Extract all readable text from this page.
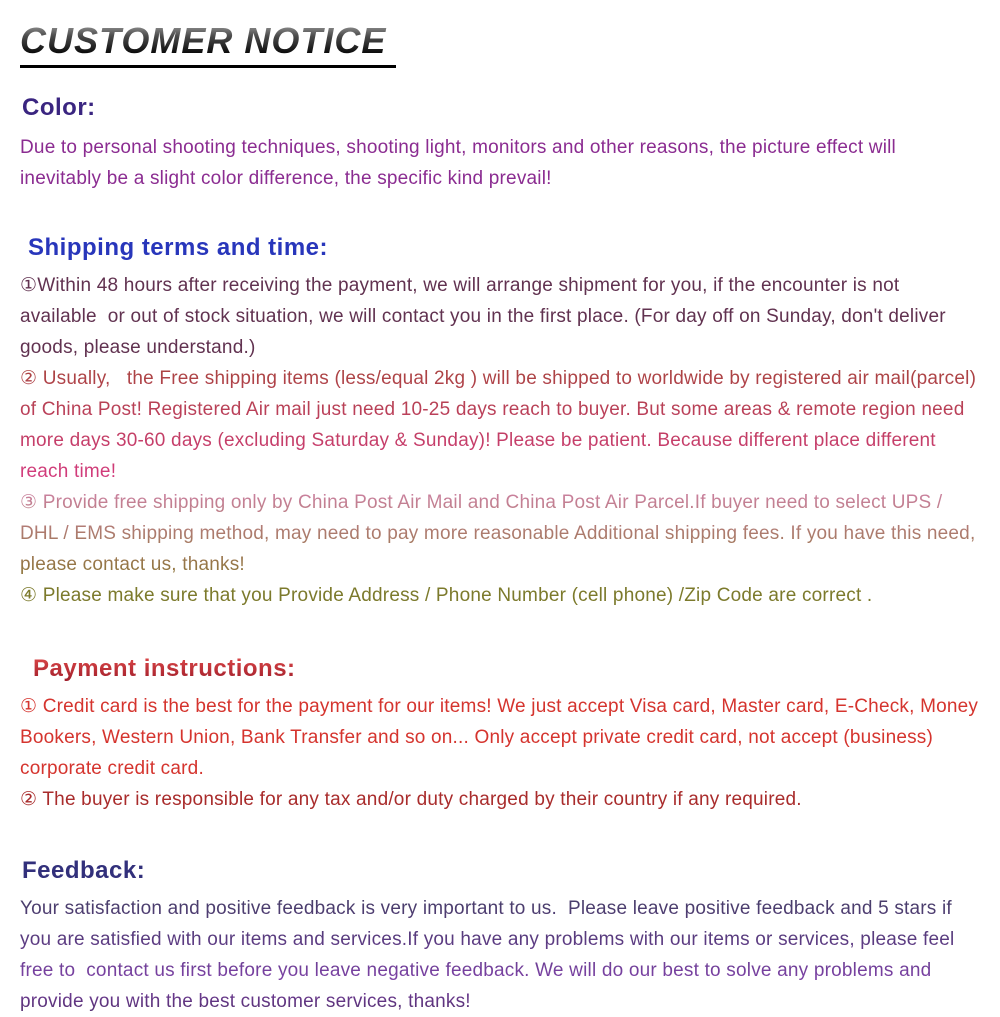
CUSTOMER NOTICE
Color:

Due to personal shooting techniques, shooting light, monitors and other reasons, the picture effect will inevitably be a slight color difference, the specific kind prevail!

Shipping terms and time:

①Within 48 hours after receiving the payment, we will arrange shipment for you, if the encounter is not available  or out of stock situation, we will contact you in the first place. (For day off on Sunday, don't deliver goods, please understand.)

② Usually,   the Free shipping items (less/equal 2kg ) will be shipped to worldwide by registered air mail(parcel) of China Post! Registered Air mail just need 10-25 days reach to buyer. But some areas & remote region need more days 30-60 days (excluding Saturday & Sunday)! Please be patient. Because different place different reach time!

③ Provide free shipping only by China Post Air Mail and China Post Air Parcel.If buyer need to select UPS / DHL / EMS shipping method, may need to pay more reasonable Additional shipping fees. If you have this need, please contact us, thanks!

④ Please make sure that you Provide Address / Phone Number (cell phone) /Zip Code are correct .

Payment instructions:

① Credit card is the best for the payment for our items! We just accept Visa card, Master card, E-Check, Money Bookers, Western Union, Bank Transfer and so on... Only accept private credit card, not accept (business) corporate credit card.

② The buyer is responsible for any tax and/or duty charged by their country if any required.

Feedback:

Your satisfaction and positive feedback is very important to us.  Please leave positive feedback and 5 stars if you are satisfied with our items and services.If you have any problems with our items or services, please feel free to  contact us first before you leave negative feedback. We will do our best to solve any problems and provide you with the best customer services, thanks!
